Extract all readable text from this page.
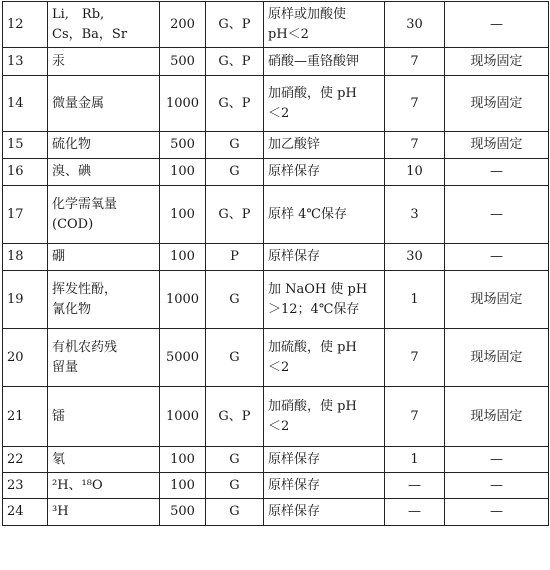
12	Li,　Rb,
Cs，Ba，Sr	200	G、P	原样或加酸使
pH＜2	30	—
13	汞	500	G、P	硝酸—重铬酸钾	7	现场固定
14	微量金属	1000	G、P	加硝酸，使 pH
＜2	7	现场固定
15	硫化物	500	G	加乙酸锌	7	现场固定
16	溴、碘	100	G	原样保存	10	—
17	化学需氧量
(COD)	100	G、P	原样 4℃保存	3	—
18	硼	100	P	原样保存	30	—
19	挥发性酚，
氰化物	1000	G	加 NaOH 使 pH
＞12；4℃保存	1	现场固定
20	有机农药残
留量	5000	G	加硫酸，使 pH
＜2	7	现场固定
21	镭	1000	G、P	加硝酸，使 pH
＜2	7	现场固定
22	氡	100	G	原样保存	1	—
23	²H、¹⁸O	100	G	原样保存	—	—
24	³H	500	G	原样保存	—	—
